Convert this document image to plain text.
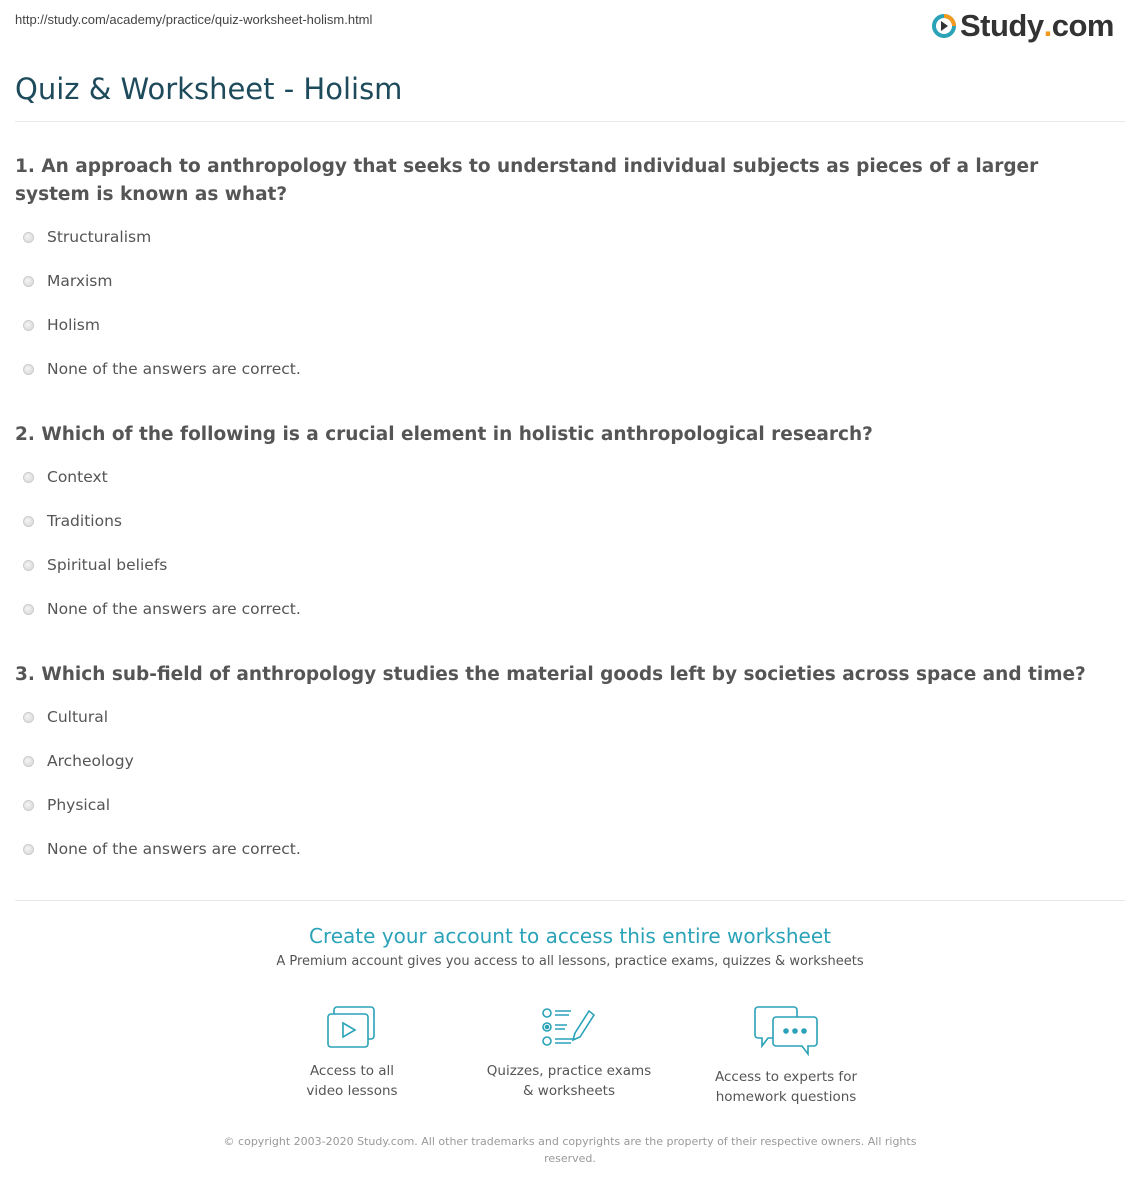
http://study.com/academy/practice/quiz-worksheet-holism.html	Study . com
Quiz & Worksheet - Holism
1. An approach to anthropology that seeks to understand individual subjects as pieces of a larger system is known as what?
Structuralism
Marxism
Holism
None of the answers are correct.
2. Which of the following is a crucial element in holistic anthropological research?
Context
Traditions
Spiritual beliefs
None of the answers are correct.
3. Which sub-field of anthropology studies the material goods left by societies across space and time?
Cultural
Archeology
Physical
None of the answers are correct.
Create your account to access this entire worksheet
A Premium account gives you access to all lessons, practice exams, quizzes & worksheets
Access to all
video lessons
Quizzes, practice exams
& worksheets
Access to experts for
homework questions
© copyright 2003-2020 Study.com. All other trademarks and copyrights are the property of their respective owners. All rights reserved.
